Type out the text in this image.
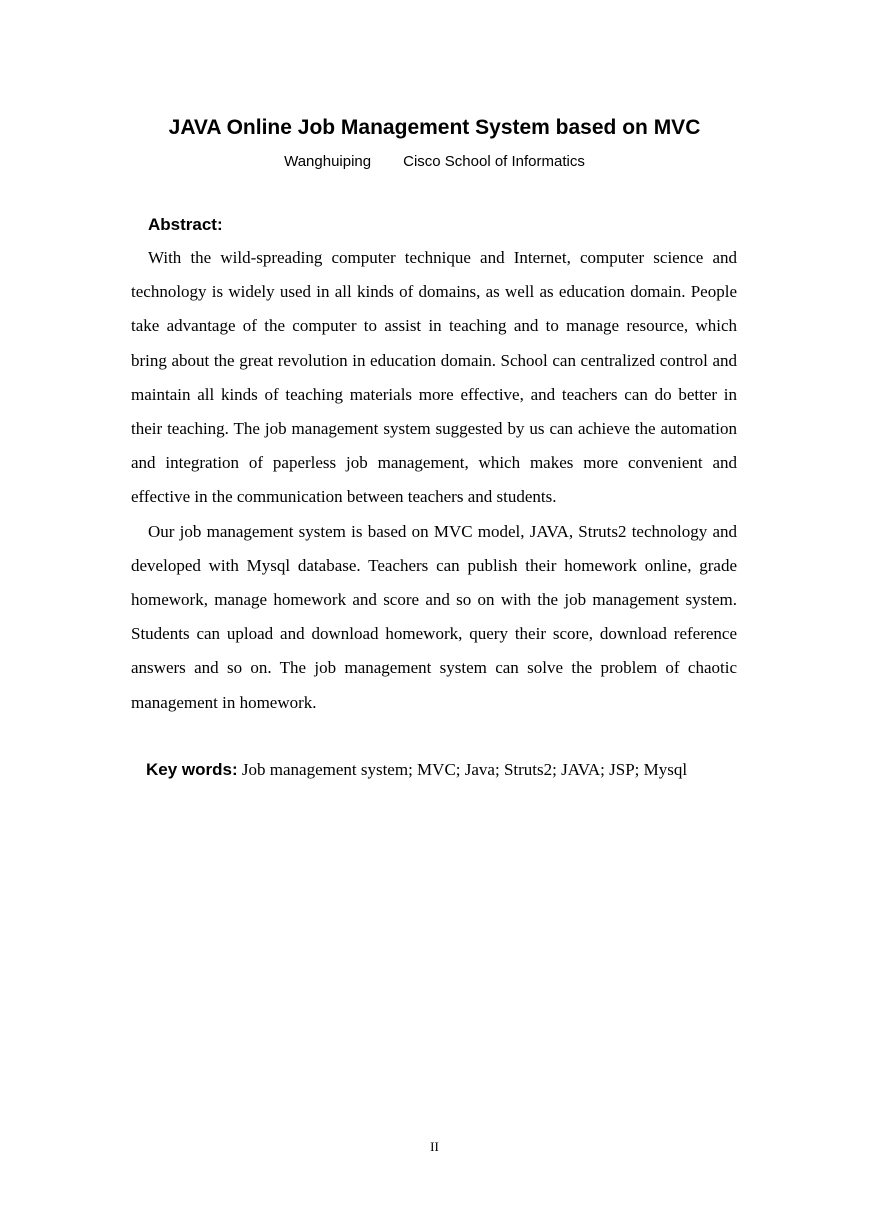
JAVA Online Job Management System based on MVC
Wanghuiping Cisco School of Informatics
Abstract:

With the wild-spreading computer technique and Internet, computer science and technology is widely used in all kinds of domains, as well as education domain. People take advantage of the computer to assist in teaching and to manage resource, which bring about the great revolution in education domain. School can centralized control and maintain all kinds of teaching materials more effective, and teachers can do better in their teaching. The job management system suggested by us can achieve the automation and integration of paperless job management, which makes more convenient and effective in the communication between teachers and students.

Our job management system is based on MVC model, JAVA, Struts2 technology and developed with Mysql database. Teachers can publish their homework online, grade homework, manage homework and score and so on with the job management system. Students can upload and download homework, query their score, download reference answers and so on. The job management system can solve the problem of chaotic management in homework.

Key words: Job management system; MVC; Java; Struts2; JAVA; JSP; Mysql
II
